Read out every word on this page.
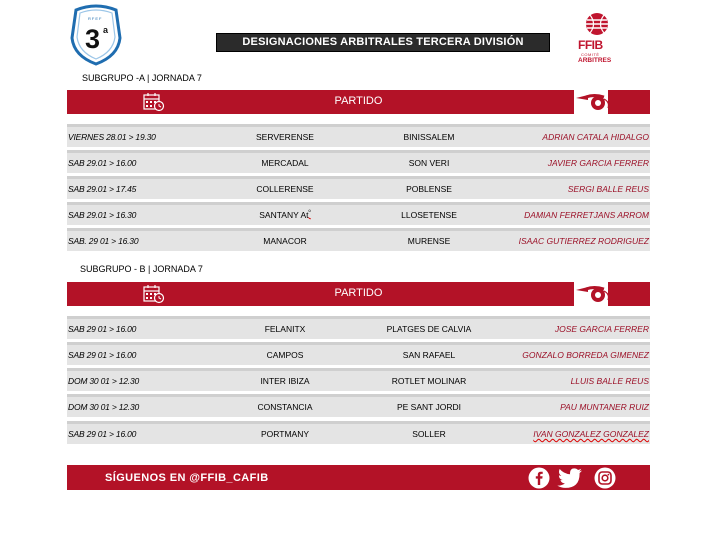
RFEF
3 a
DESIGNACIONES ARBITRALES TERCERA DIVISIÓN	FFIB
COMITÈ
ARBITRES
SUBGRUPO -A | JORNADA 7
PARTIDO
VIERNES 28.01 > 19.30	SERVERENSE	BINISSALEM	ADRIAN CATALA HIDALGO
SAB 29.01 > 16.00	MERCADAL	SON VERI	JAVIER GARCIA FERRER
SAB 29.01 > 17.45	COLLERENSE	POBLENSE	SERGI BALLE REUS
SAB 29.01 > 16.30	SANTANY $At^º$	LLOSETENSE	DAMIAN FERRETJANS ARROM
SAB. 29 01 > 16.30	MANACOR	MURENSE	ISAAC GUTIERREZ RODRIGUEZ
SUBGRUPO - B | JORNADA 7
PARTIDO
SAB 29 01 > 16.00	FELANITX	PLATGES DE CALVIA	JOSE GARCIA FERRER
SAB 29 01 > 16.00	CAMPOS	SAN RAFAEL	GONZALO BORREDA GIMENEZ
DOM 30 01 > 12.30	INTER IBIZA	ROTLET MOLINAR	LLUIS BALLE REUS
DOM 30 01 > 12.30	CONSTANCIA	PE SANT JORDI	PAU MUNTANER RUIZ
SAB 29 01 > 16.00	PORTMANY	SOLLER	IVAN GONZALEZ GONZALEZ
SÍGUENOS EN @FFIB_CAFIB
